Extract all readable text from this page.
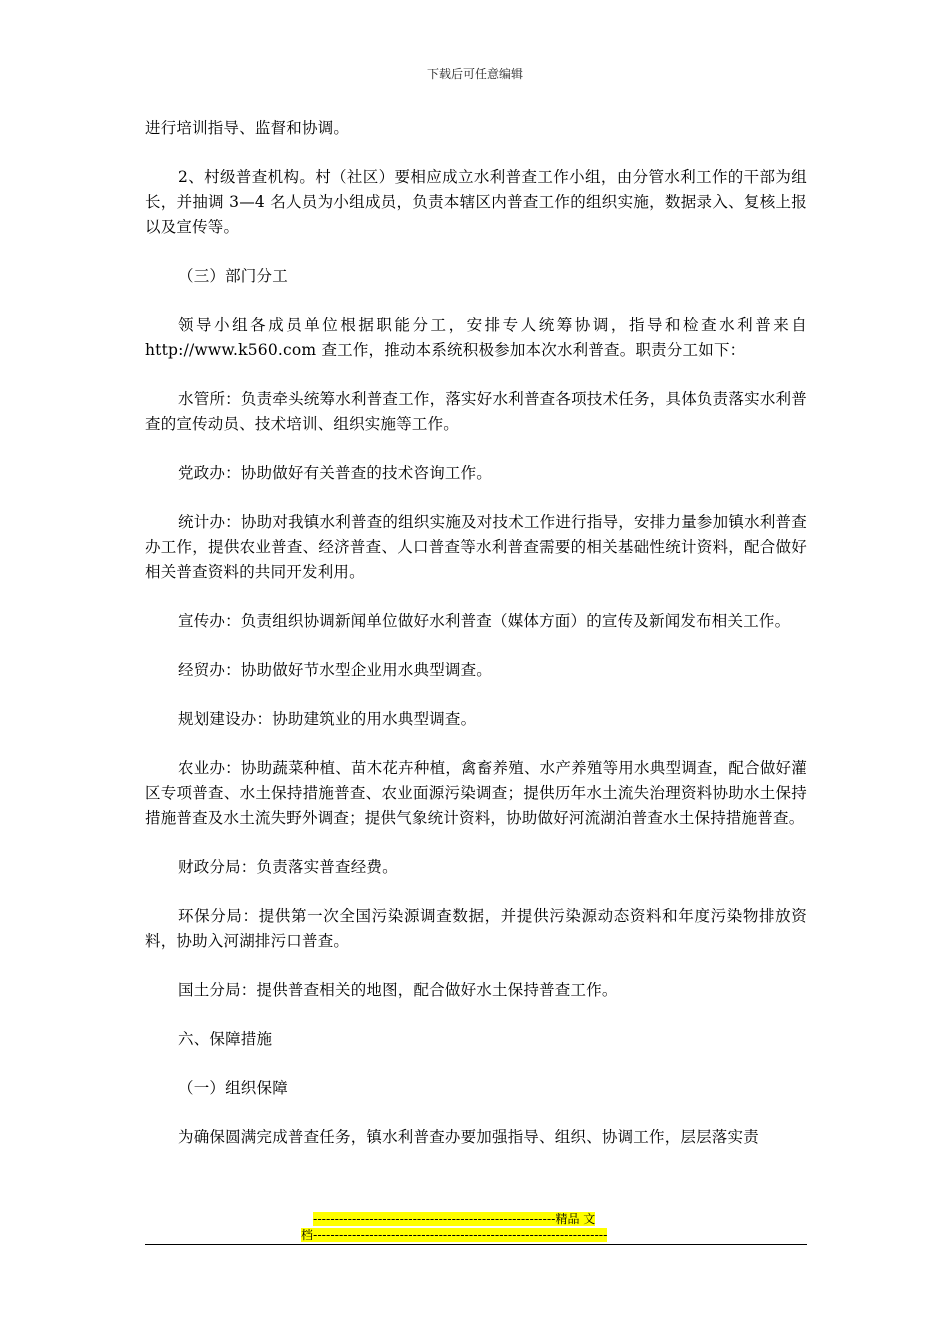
下载后可任意编辑

进行培训指导、监督和协调。

2、村级普查机构。村（社区）要相应成立水利普查工作小组，由分管水利工作的干部为组长，并抽调 3—4 名人员为小组成员，负责本辖区内普查工作的组织实施，数据录入、复核上报以及宣传等。

（三）部门分工

领导小组各成员单位根据职能分工，安排专人统筹协调，指导和检查水利普来自 http://www.k560.com 查工作，推动本系统积极参加本次水利普查。职责分工如下：

水管所：负责牵头统筹水利普查工作，落实好水利普查各项技术任务，具体负责落实水利普查的宣传动员、技术培训、组织实施等工作。

党政办：协助做好有关普查的技术咨询工作。

统计办：协助对我镇水利普查的组织实施及对技术工作进行指导，安排力量参加镇水利普查办工作，提供农业普查、经济普查、人口普查等水利普查需要的相关基础性统计资料，配合做好相关普查资料的共同开发利用。

宣传办：负责组织协调新闻单位做好水利普查（媒体方面）的宣传及新闻发布相关工作。

经贸办：协助做好节水型企业用水典型调查。

规划建设办：协助建筑业的用水典型调查。

农业办：协助蔬菜种植、苗木花卉种植，禽畜养殖、水产养殖等用水典型调查，配合做好灌区专项普查、水土保持措施普查、农业面源污染调查；提供历年水土流失治理资料协助水土保持措施普查及水土流失野外调查；提供气象统计资料，协助做好河流湖泊普查水土保持措施普查。

财政分局：负责落实普查经费。

环保分局：提供第一次全国污染源调查数据，并提供污染源动态资料和年度污染物排放资料，协助入河湖排污口普查。

国土分局：提供普查相关的地图，配合做好水土保持普查工作。

六、保障措施

（一）组织保障

为确保圆满完成普查任务，镇水利普查办要加强指导、组织、协调工作，层层落实责

--------------------------------------------------------精品 文
档--------------------------------------------------------------------
